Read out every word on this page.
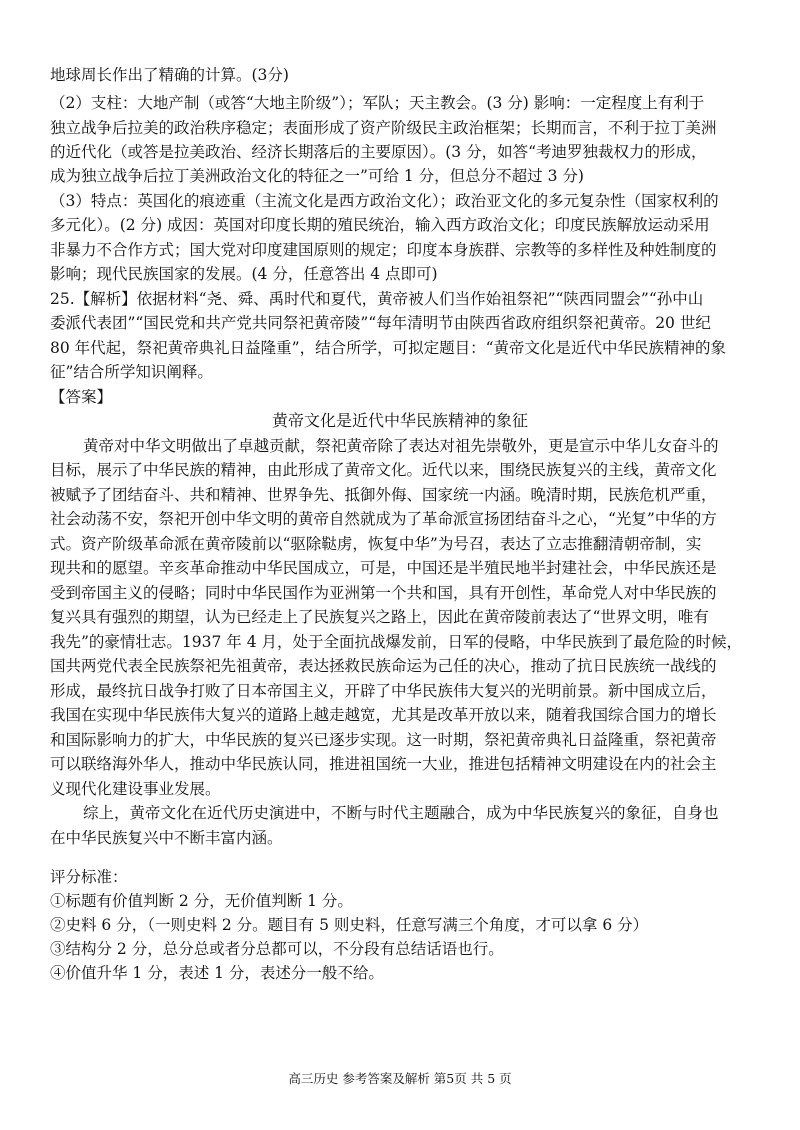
地球周长作出了精确的计算。(3分)
（2）支柱：大地产制（或答“大地主阶级”）；军队；天主教会。(3 分) 影响：一定程度上有利于
独立战争后拉美的政治秩序稳定；表面形成了资产阶级民主政治框架；长期而言，不利于拉丁美洲
的近代化（或答是拉美政治、经济长期落后的主要原因）。(3 分，如答“考迪罗独裁权力的形成，
成为独立战争后拉丁美洲政治文化的特征之一”可给 1 分，但总分不超过 3 分)
（3）特点：英国化的痕迹重（主流文化是西方政治文化）；政治亚文化的多元复杂性（国家权利的
多元化）。(2 分) 成因：英国对印度长期的殖民统治，输入西方政治文化；印度民族解放运动采用
非暴力不合作方式；国大党对印度建国原则的规定；印度本身族群、宗教等的多样性及种姓制度的
影响；现代民族国家的发展。(4 分，任意答出 4 点即可)
25.【解析】依据材料“尧、舜、禹时代和夏代，黄帝被人们当作始祖祭祀”“陕西同盟会”“孙中山
委派代表团”“国民党和共产党共同祭祀黄帝陵”“每年清明节由陕西省政府组织祭祀黄帝。20 世纪
80 年代起，祭祀黄帝典礼日益隆重”，结合所学，可拟定题目：“黄帝文化是近代中华民族精神的象
征”结合所学知识阐释。
【答案】
黄帝文化是近代中华民族精神的象征
黄帝对中华文明做出了卓越贡献，祭祀黄帝除了表达对祖先崇敬外，更是宣示中华儿女奋斗的
目标，展示了中华民族的精神，由此形成了黄帝文化。近代以来，围绕民族复兴的主线，黄帝文化
被赋予了团结奋斗、共和精神、世界争先、抵御外侮、国家统一内涵。晚清时期，民族危机严重，
社会动荡不安，祭祀开创中华文明的黄帝自然就成为了革命派宣扬团结奋斗之心，“光复”中华的方
式。资产阶级革命派在黄帝陵前以“驱除鞑虏，恢复中华”为号召，表达了立志推翻清朝帝制，实
现共和的愿望。辛亥革命推动中华民国成立，可是，中国还是半殖民地半封建社会，中华民族还是
受到帝国主义的侵略；同时中华民国作为亚洲第一个共和国，具有开创性，革命党人对中华民族的
复兴具有强烈的期望，认为已经走上了民族复兴之路上，因此在黄帝陵前表达了“世界文明，唯有
我先”的豪情壮志。1937 年 4 月，处于全面抗战爆发前，日军的侵略，中华民族到了最危险的时候，
国共两党代表全民族祭祀先祖黄帝，表达拯救民族命运为己任的决心，推动了抗日民族统一战线的
形成，最终抗日战争打败了日本帝国主义，开辟了中华民族伟大复兴的光明前景。新中国成立后，
我国在实现中华民族伟大复兴的道路上越走越宽，尤其是改革开放以来，随着我国综合国力的增长
和国际影响力的扩大，中华民族的复兴已逐步实现。这一时期，祭祀黄帝典礼日益隆重，祭祀黄帝
可以联络海外华人，推动中华民族认同，推进祖国统一大业，推进包括精神文明建设在内的社会主
义现代化建设事业发展。
综上，黄帝文化在近代历史演进中，不断与时代主题融合，成为中华民族复兴的象征，自身也
在中华民族复兴中不断丰富内涵。
评分标准：
①标题有价值判断 2 分，无价值判断 1 分。
②史料 6 分，（一则史料 2 分。题目有 5 则史料，任意写满三个角度，才可以拿 6 分）
③结构分 2 分，总分总或者分总都可以，不分段有总结话语也行。
④价值升华 1 分，表述 1 分，表述分一般不给。
高三历史 参考答案及解析 第5页 共 5 页
